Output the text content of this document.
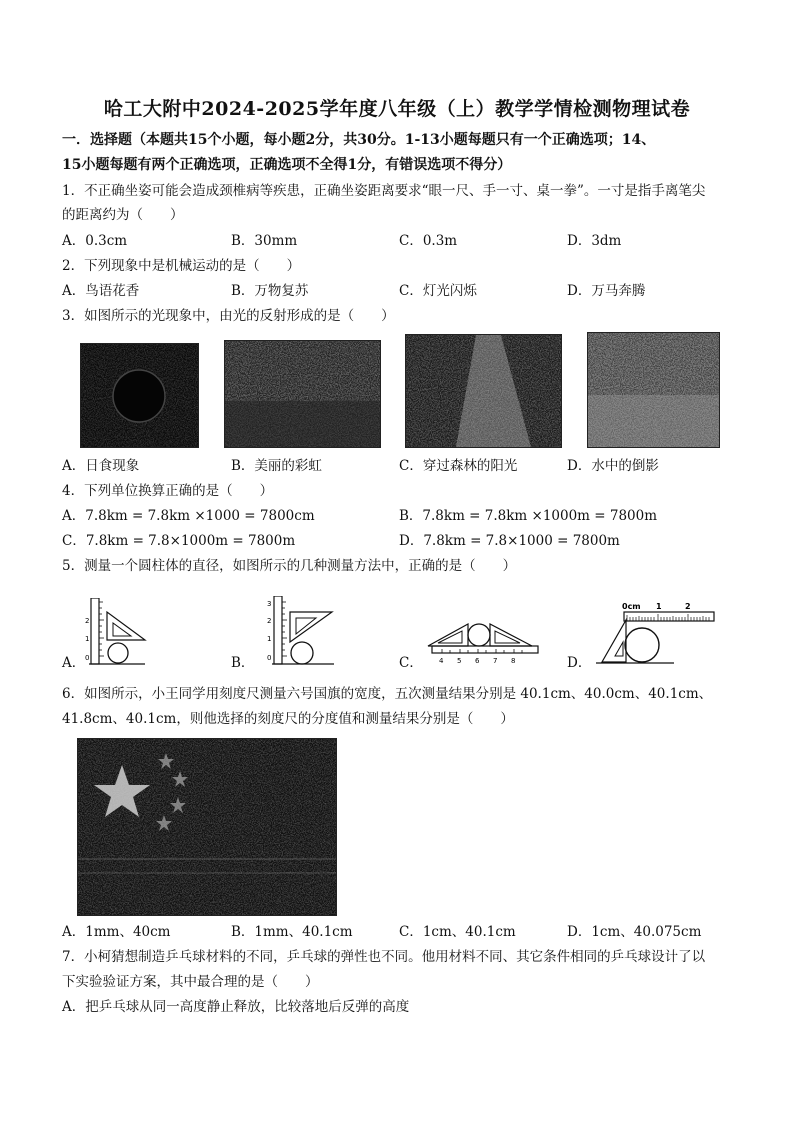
哈工大附中2024-2025学年度八年级（上）教学学情检测物理试卷
一．选择题（本题共15个小题，每小题2分，共30分。1-13小题每题只有一个正确选项；14、
15小题每题有两个正确选项，正确选项不全得1分，有错误选项不得分）
1．不正确坐姿可能会造成颈椎病等疾患，正确坐姿距离要求“眼一尺、手一寸、桌一拳”。一寸是指手离笔尖
的距离约为（　　）
A．0.3cm	B．30mm	C．0.3m	D．3dm
2．下列现象中是机械运动的是（　　）
A．鸟语花香	B．万物复苏	C．灯光闪烁	D．万马奔腾
3．如图所示的光现象中，由光的反射形成的是（　　）
A．日食现象	B．美丽的彩虹	C．穿过森林的阳光	D．水中的倒影
4．下列单位换算正确的是（　　）
A．7.8km = 7.8km ×1000 = 7800cm	B．7.8km = 7.8km ×1000m = 7800m
C．7.8km = 7.8×1000m = 7800m	D．7.8km = 7.8×1000 = 7800m
5．测量一个圆柱体的直径，如图所示的几种测量方法中，正确的是（　　）
2
1
0
A．
3
2
1
0
B．	4 5 6 7 8
C．
0cm 1	2
D．
6．如图所示，小王同学用刻度尺测量六号国旗的宽度，五次测量结果分别是 40.1cm、40.0cm、40.1cm、
41.8cm、40.1cm，则他选择的刻度尺的分度值和测量结果分别是（　　）
A．1mm、40cm	B．1mm、40.1cm	C．1cm、40.1cm	D．1cm、40.075cm
7．小柯猜想制造乒乓球材料的不同，乒乓球的弹性也不同。他用材料不同、其它条件相同的乒乓球设计了以
下实验验证方案，其中最合理的是（　　）
A．把乒乓球从同一高度静止释放，比较落地后反弹的高度
